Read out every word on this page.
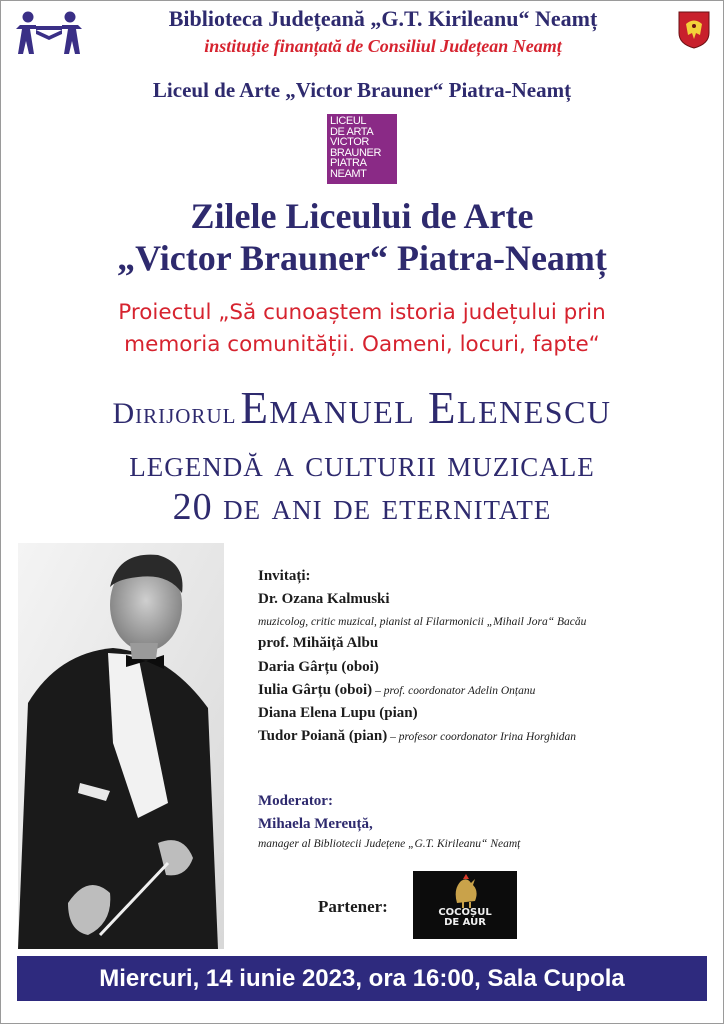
Biblioteca Județeană „G.T. Kirileanu“ Neamț
instituție finanțată de Consiliul Județean Neamț
Liceul de Arte „Victor Brauner“ Piatra-Neamț
LICEUL
DE ARTA
VICTOR
BRAUNER
PIATRA
NEAMT
Zilele Liceului de Arte
„Victor Brauner“ Piatra-Neamț
Proiectul „Să cunoaștem istoria județului prin
memoria comunității. Oameni, locuri, fapte“
Dirijorul Emanuel Elenescu
legendă a culturii muzicale
20 de ani de eternitate
Invitați:
Dr. Ozana Kalmuski
muzicolog, critic muzical, pianist al Filarmonicii „Mihail Jora“ Bacău
prof. Mihăiță Albu
Daria Gârțu (oboi)
Iulia Gârțu (oboi) – prof. coordonator Adelin Onțanu
Diana Elena Lupu (pian)
Tudor Poiană (pian) – profesor coordonator Irina Horghidan
Moderator:
Mihaela Mereuță,
manager al Bibliotecii Județene „G.T. Kirileanu“ Neamț
Partener:	COCOȘUL
DE AUR
Miercuri, 14 iunie 2023, ora 16:00, Sala Cupola
